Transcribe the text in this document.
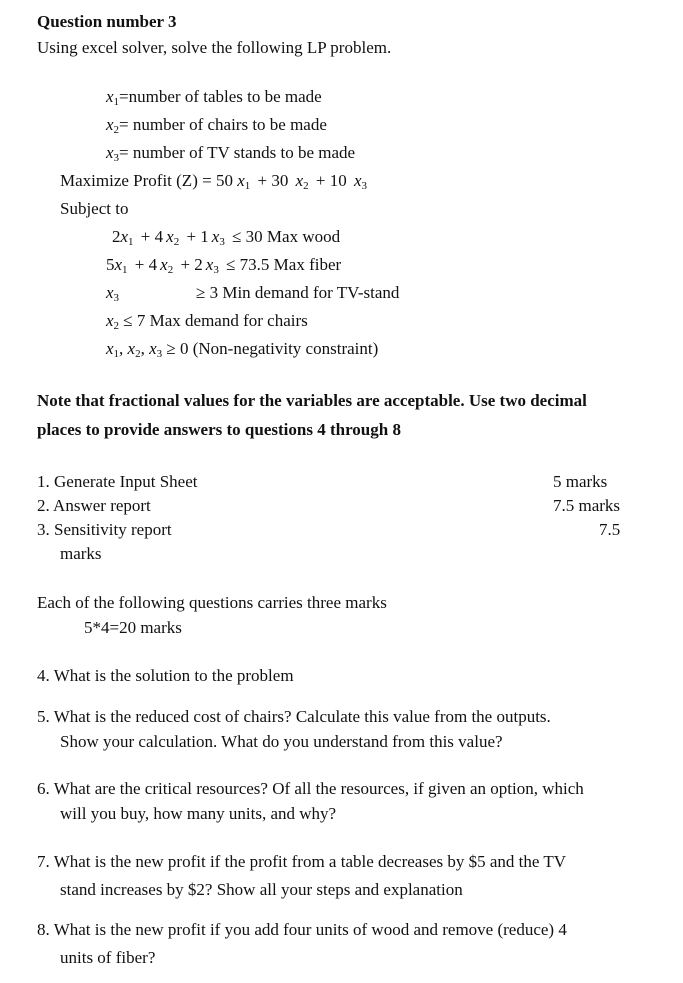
Question number 3
Using excel solver, solve the following LP problem.
$x_1=number$ of tables to be made
$x_2=$ number of chairs to be made
$x_3=$ number of TV stands to be made
Maximize Profit (Z) = 50 $x_1 + 30$ $x_2 + 10$ $x_3$
Subject to
$2x_1 + 4$ $x_2 + 1$ $x_3 \le 30$ Max wood
$5x_1 + 4$ $x_2 + 2$ $x_3 \le 73.5$ Max fiber
$x_3$	≥ 3 Min demand for TV-stand
$x_2 \le 7$ Max demand for chairs
$x_1$, $x_2$, $x_3 \ge 0$ (Non-negativity constraint)
Note that fractional values for the variables are acceptable. Use two decimal
places to provide answers to questions 4 through 8
1. Generate Input Sheet	5 marks
2. Answer report	7.5 marks
3. Sensitivity report	7.5
marks
Each of the following questions carries three marks
5*4=20 marks
4. What is the solution to the problem
5. What is the reduced cost of chairs? Calculate this value from the outputs.
Show your calculation. What do you understand from this value?
6. What are the critical resources? Of all the resources, if given an option, which
will you buy, how many units, and why?
7. What is the new profit if the profit from a table decreases by $5 and the TV
stand increases by $2? Show all your steps and explanation
8. What is the new profit if you add four units of wood and remove (reduce) 4
units of fiber?
